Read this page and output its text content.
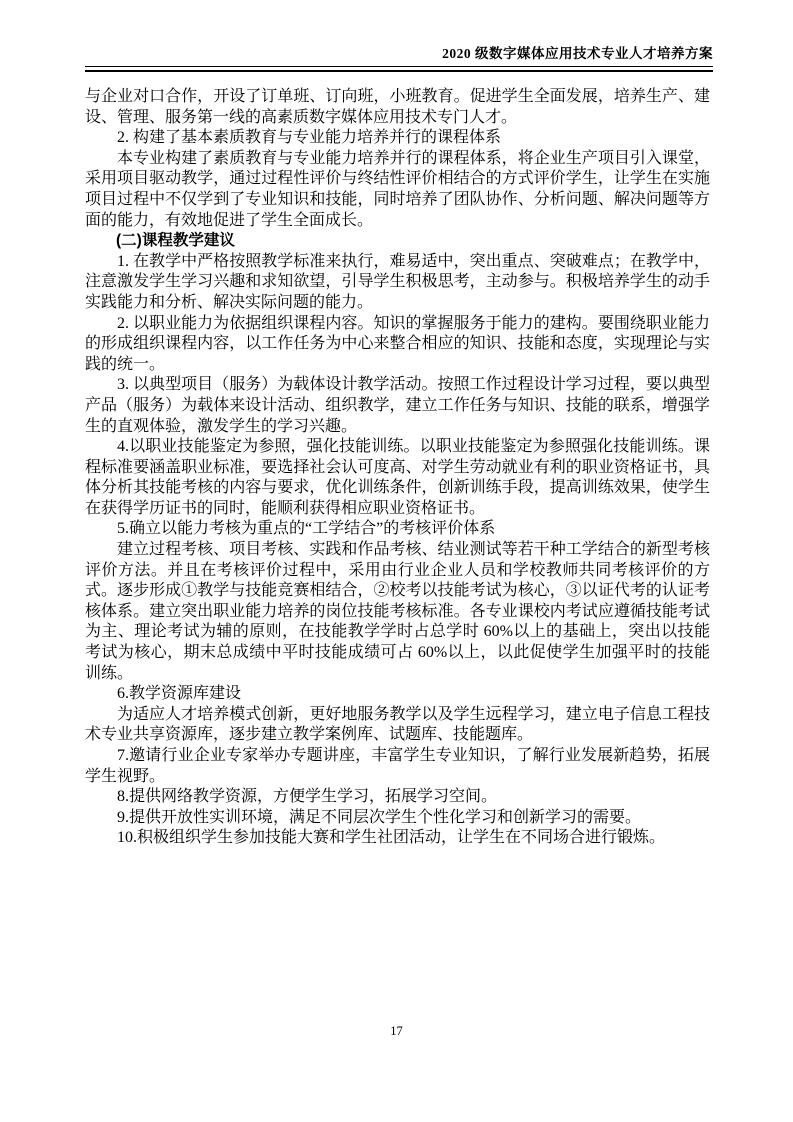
2020 级数字媒体应用技术专业人才培养方案

与企业对口合作，开设了订单班、订向班，小班教育。促进学生全面发展，培养生产、建设、管理、服务第一线的高素质数字媒体应用技术专门人才。

2. 构建了基本素质教育与专业能力培养并行的课程体系

本专业构建了素质教育与专业能力培养并行的课程体系，将企业生产项目引入课堂，采用项目驱动教学，通过过程性评价与终结性评价相结合的方式评价学生，让学生在实施项目过程中不仅学到了专业知识和技能，同时培养了团队协作、分析问题、解决问题等方面的能力，有效地促进了学生全面成长。

(二)课程教学建议

1. 在教学中严格按照教学标准来执行，难易适中，突出重点、突破难点；在教学中，注意激发学生学习兴趣和求知欲望，引导学生积极思考，主动参与。积极培养学生的动手实践能力和分析、解决实际问题的能力。

2. 以职业能力为依据组织课程内容。知识的掌握服务于能力的建构。要围绕职业能力的形成组织课程内容，以工作任务为中心来整合相应的知识、技能和态度，实现理论与实践的统一。

3. 以典型项目（服务）为载体设计教学活动。按照工作过程设计学习过程，要以典型产品（服务）为载体来设计活动、组织教学，建立工作任务与知识、技能的联系，增强学生的直观体验，激发学生的学习兴趣。

4.以职业技能鉴定为参照，强化技能训练。以职业技能鉴定为参照强化技能训练。课程标准要涵盖职业标准，要选择社会认可度高、对学生劳动就业有利的职业资格证书，具体分析其技能考核的内容与要求，优化训练条件，创新训练手段，提高训练效果，使学生在获得学历证书的同时，能顺利获得相应职业资格证书。

5.确立以能力考核为重点的“工学结合”的考核评价体系

建立过程考核、项目考核、实践和作品考核、结业测试等若干种工学结合的新型考核评价方法。并且在考核评价过程中，采用由行业企业人员和学校教师共同考核评价的方式。逐步形成①教学与技能竞赛相结合，②校考以技能考试为核心，③以证代考的认证考核体系。建立突出职业能力培养的岗位技能考核标准。各专业课校内考试应遵循技能考试为主、理论考试为辅的原则，在技能教学学时占总学时 60%以上的基础上，突出以技能考试为核心，期末总成绩中平时技能成绩可占 60%以上，以此促使学生加强平时的技能训练。

6.教学资源库建设

为适应人才培养模式创新，更好地服务教学以及学生远程学习，建立电子信息工程技术专业共享资源库，逐步建立教学案例库、试题库、技能题库。

7.邀请行业企业专家举办专题讲座，丰富学生专业知识，了解行业发展新趋势，拓展学生视野。

8.提供网络教学资源，方便学生学习，拓展学习空间。

9.提供开放性实训环境，满足不同层次学生个性化学习和创新学习的需要。

10.积极组织学生参加技能大赛和学生社团活动，让学生在不同场合进行锻炼。

17
